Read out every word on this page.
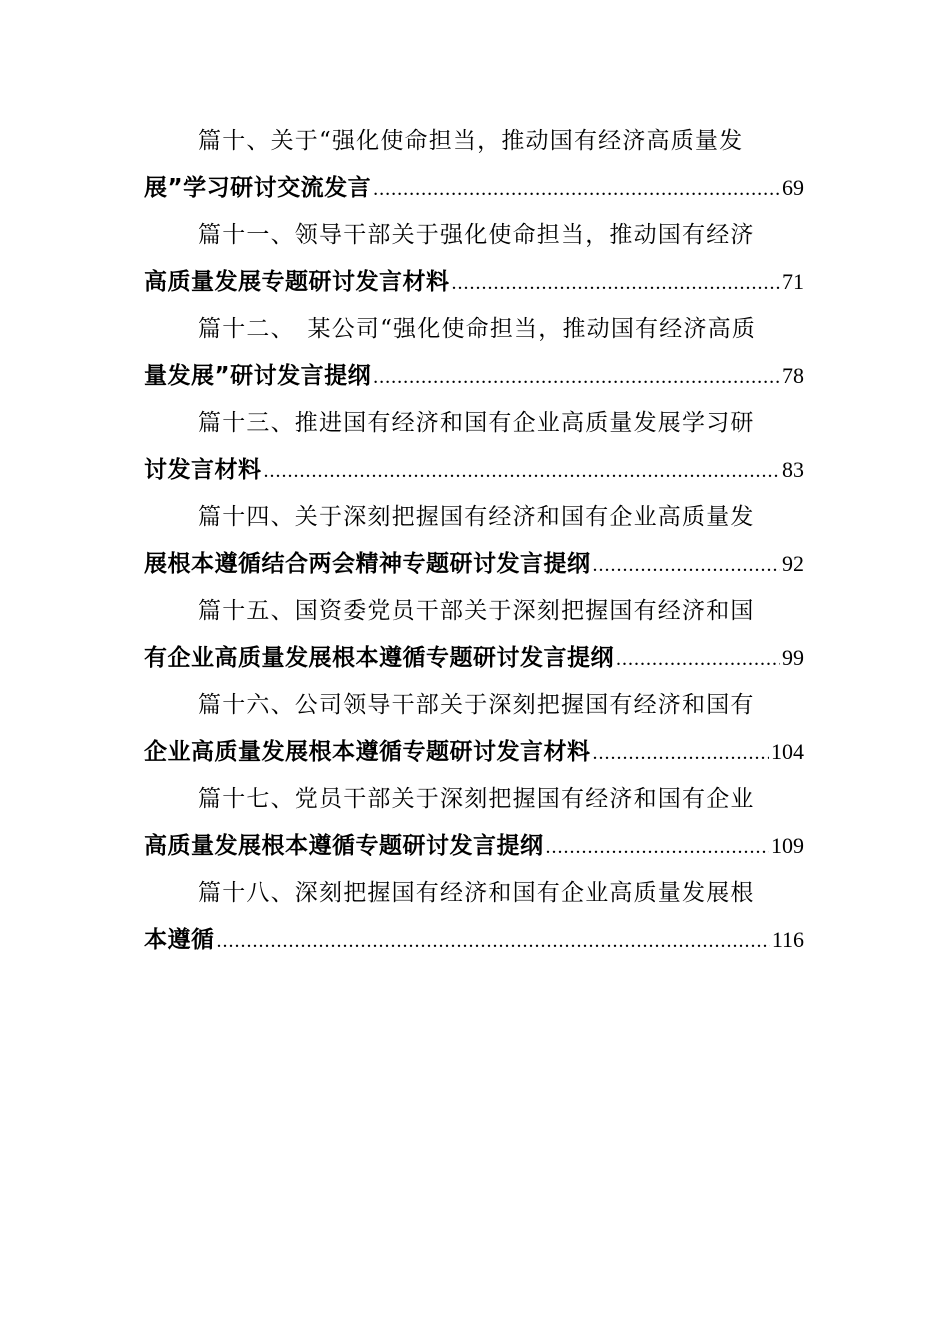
篇十、关于“强化使命担当，推动国有经济高质量发
展”学习研讨交流发言 .....	69
篇十一、领导干部关于强化使命担当，推动国有经济
高质量发展专题研讨发言材料 .....	71
篇十二、　某公司“强化使命担当，推动国有经济高质
量发展”研讨发言提纲 .....	78
篇十三、推进国有经济和国有企业高质量发展学习研
讨发言材料 .....	83
篇十四、关于深刻把握国有经济和国有企业高质量发
展根本遵循结合两会精神专题研讨发言提纲 .....	92
篇十五、国资委党员干部关于深刻把握国有经济和国
有企业高质量发展根本遵循专题研讨发言提纲 .....	99
篇十六、公司领导干部关于深刻把握国有经济和国有
企业高质量发展根本遵循专题研讨发言材料 .....	104
篇十七、党员干部关于深刻把握国有经济和国有企业
高质量发展根本遵循专题研讨发言提纲 .....	109
篇十八、深刻把握国有经济和国有企业高质量发展根
本遵循 .....	116
